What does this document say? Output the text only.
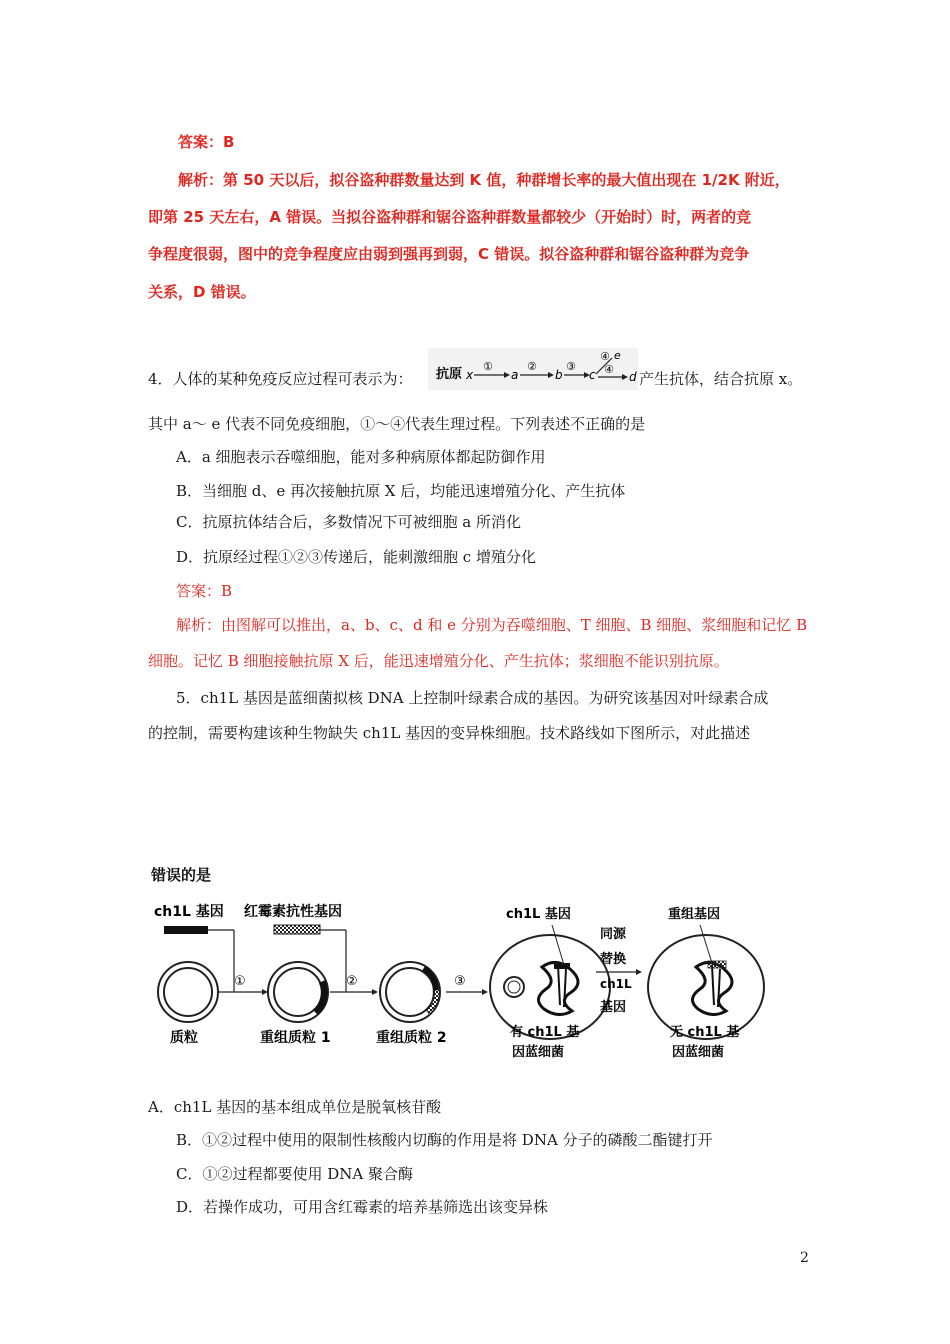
答案：B
解析：第 50 天以后，拟谷盗种群数量达到 K 值，种群增长率的最大值出现在 1/2K 附近，
即第 25 天左右，A 错误。当拟谷盗种群和锯谷盗种群数量都较少（开始时）时，两者的竞
争程度很弱，图中的竞争程度应由弱到强再到弱，C 错误。拟谷盗种群和锯谷盗种群为竞争
关系，D 错误。
4．人体的某种免疫反应过程可表示为： 抗原 x
①
a
②
b
③
c
④ e
④
d 产生抗体，结合抗原 x。
其中 a～ e 代表不同免疫细胞，①～④代表生理过程。下列表述不正确的是
A．a 细胞表示吞噬细胞，能对多种病原体都起防御作用
B．当细胞 d、e 再次接触抗原 X 后，均能迅速增殖分化、产生抗体
C．抗原抗体结合后，多数情况下可被细胞 a 所消化
D．抗原经过程①②③传递后，能刺激细胞 c 增殖分化
答案：B
解析：由图解可以推出，a、b、c、d 和 e 分别为吞噬细胞、T 细胞、B 细胞、浆细胞和记忆 B
细胞。记忆 B 细胞接触抗原 X 后，能迅速增殖分化、产生抗体；浆细胞不能识别抗原。
5．ch1L 基因是蓝细菌拟核 DNA 上控制叶绿素合成的基因。为研究该基因对叶绿素合成
的控制，需要构建该种生物缺失 ch1L 基因的变异株细胞。技术路线如下图所示，对此描述
错误的是
ch1L 基因
①
质粒
红霉素抗性基因
②
重组质粒 1	重组质粒 2
③
ch1L 基因
有 ch1L 基
因蓝细菌
同源
替换
ch1L
基因
重组基因
无 ch1L 基
因蓝细菌
A．ch1L 基因的基本组成单位是脱氧核苷酸
B．①②过程中使用的限制性核酸内切酶的作用是将 DNA 分子的磷酸二酯键打开
C．①②过程都要使用 DNA 聚合酶
D．若操作成功，可用含红霉素的培养基筛选出该变异株
2
